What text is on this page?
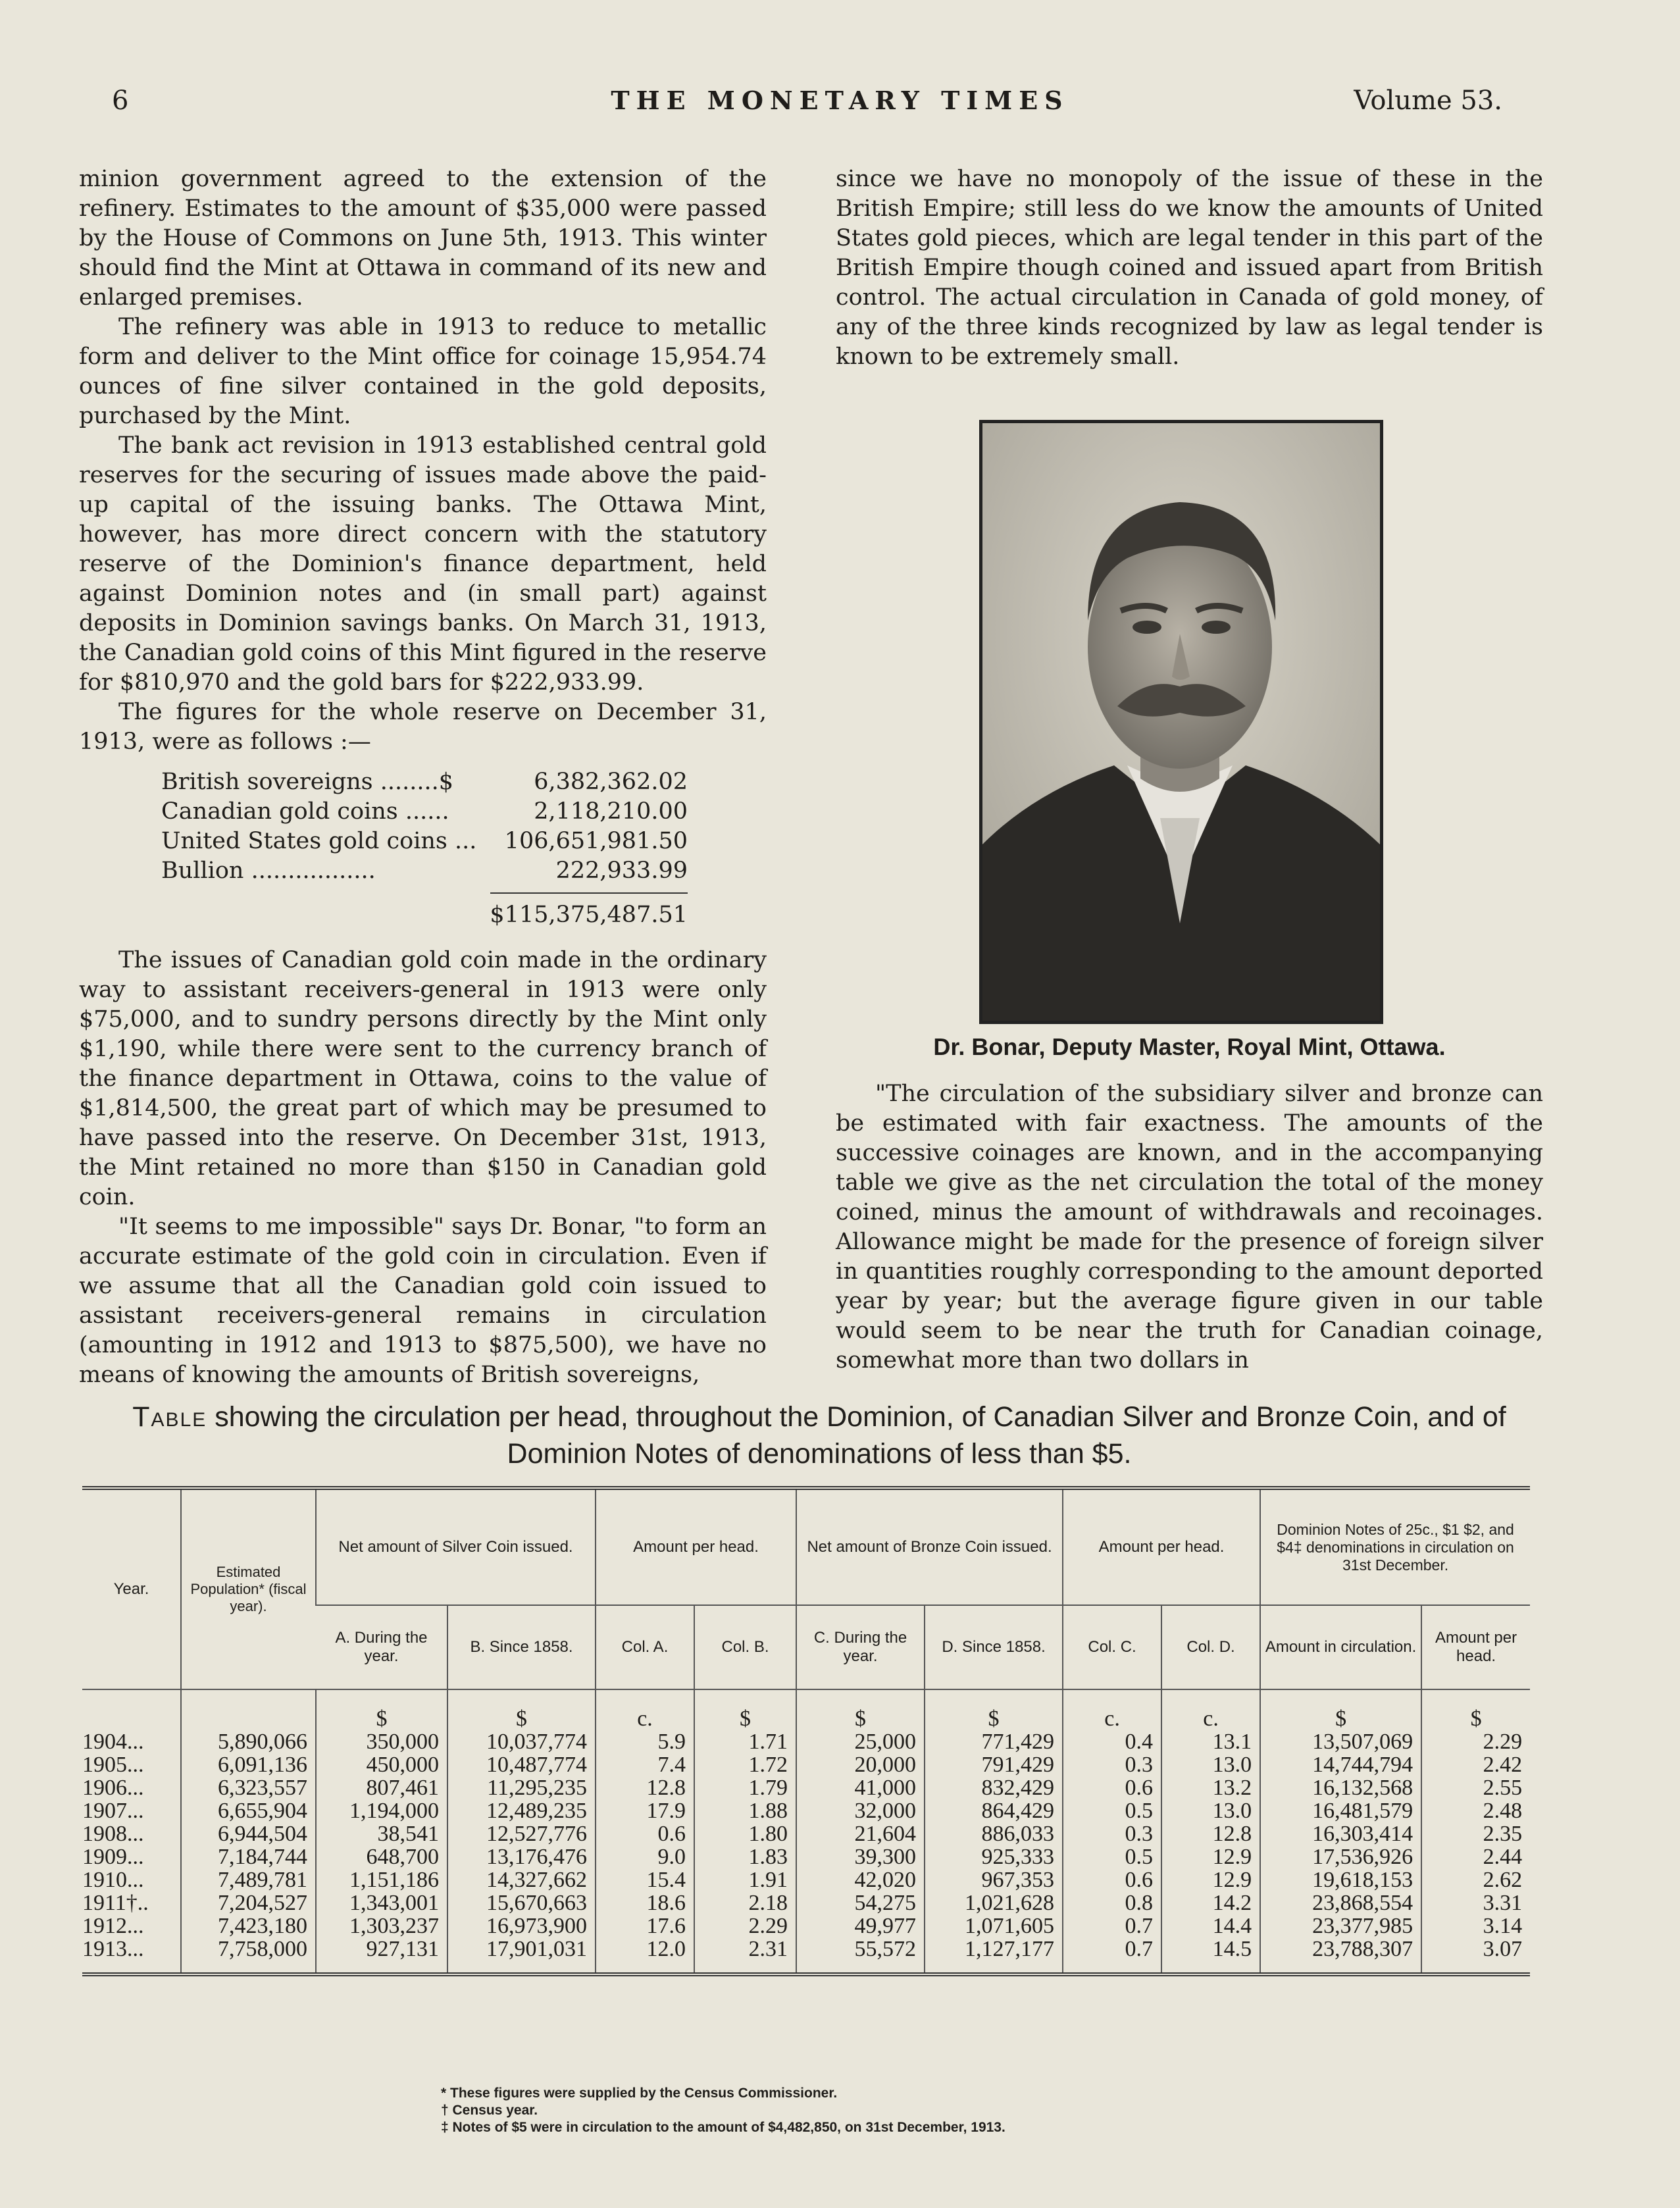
6	THE MONETARY TIMES	Volume 53.

minion government agreed to the extension of the refinery. Estimates to the amount of $35,000 were passed by the House of Commons on June 5th, 1913. This winter should find the Mint at Ottawa in command of its new and enlarged premises.

The refinery was able in 1913 to reduce to metallic form and deliver to the Mint office for coinage 15,954.74 ounces of fine silver contained in the gold deposits, purchased by the Mint.

The bank act revision in 1913 established central gold reserves for the securing of issues made above the paid-up capital of the issuing banks. The Ottawa Mint, however, has more direct concern with the statutory reserve of the Dominion's finance department, held against Dominion notes and (in small part) against deposits in Dominion savings banks. On March 31, 1913, the Canadian gold coins of this Mint figured in the reserve for $810,970 and the gold bars for $222,933.99.

The figures for the whole reserve on December 31, 1913, were as follows :—

British sovereigns ........$	6,382,362.02
Canadian gold coins ......	2,118,210.00
United States gold coins ... 106,651,981.50
Bullion .................	222,933.99
$115,375,487.51

The issues of Canadian gold coin made in the ordinary way to assistant receivers-general in 1913 were only $75,000, and to sundry persons directly by the Mint only $1,190, while there were sent to the currency branch of the finance department in Ottawa, coins to the value of $1,814,500, the great part of which may be presumed to have passed into the reserve. On December 31st, 1913, the Mint retained no more than $150 in Canadian gold coin.

"It seems to me impossible" says Dr. Bonar, "to form an accurate estimate of the gold coin in circulation. Even if we assume that all the Canadian gold coin issued to assistant receivers-general remains in circulation (amounting in 1912 and 1913 to $875,500), we have no means of knowing the amounts of British sovereigns,

since we have no monopoly of the issue of these in the British Empire; still less do we know the amounts of United States gold pieces, which are legal tender in this part of the British Empire though coined and issued apart from British control. The actual circulation in Canada of gold money, of any of the three kinds recognized by law as legal tender is known to be extremely small.

Dr. Bonar, Deputy Master, Royal Mint, Ottawa.

"The circulation of the subsidiary silver and bronze can be estimated with fair exactness. The amounts of the successive coinages are known, and in the accompanying table we give as the net circulation the total of the money coined, minus the amount of withdrawals and recoinages. Allowance might be made for the presence of foreign silver in quantities roughly corresponding to the amount deported year by year; but the average figure given in our table would seem to be near the truth for Canadian coinage, somewhat more than two dollars in

Table showing the circulation per head, throughout the Dominion, of Canadian Silver and Bronze Coin, and of Dominion Notes of denominations of less than $5.
Year.	Estimated Population* (fiscal year).	Net amount of Silver Coin issued.		Amount per head.		Net amount of Bronze Coin issued.		Amount per head.		Dominion Notes of 25c., $1 $2, and $4‡ denominations in circulation on 31st December.	
		A. During the year.	B. Since 1858.	Col. A.	Col. B.	C. During the year.	D. Since 1858.	Col. C.	Col. D.	Amount in circulation.	Amount per head.
		$	$	c.	$	$	$	c.	c.	$	$
1904...	5,890,066	350,000	10,037,774	5.9	1.71	25,000	771,429	0.4	13.1	13,507,069	2.29
1905...	6,091,136	450,000	10,487,774	7.4	1.72	20,000	791,429	0.3	13.0	14,744,794	2.42
1906...	6,323,557	807,461	11,295,235	12.8	1.79	41,000	832,429	0.6	13.2	16,132,568	2.55
1907...	6,655,904	1,194,000	12,489,235	17.9	1.88	32,000	864,429	0.5	13.0	16,481,579	2.48
1908...	6,944,504	38,541	12,527,776	0.6	1.80	21,604	886,033	0.3	12.8	16,303,414	2.35
1909...	7,184,744	648,700	13,176,476	9.0	1.83	39,300	925,333	0.5	12.9	17,536,926	2.44
1910...	7,489,781	1,151,186	14,327,662	15.4	1.91	42,020	967,353	0.6	12.9	19,618,153	2.62
1911†..	7,204,527	1,343,001	15,670,663	18.6	2.18	54,275	1,021,628	0.8	14.2	23,868,554	3.31
1912...	7,423,180	1,303,237	16,973,900	17.6	2.29	49,977	1,071,605	0.7	14.4	23,377,985	3.14
1913...	7,758,000	927,131	17,901,031	12.0	2.31	55,572	1,127,177	0.7	14.5	23,788,307	3.07
* These figures were supplied by the Census Commissioner.
† Census year.
‡ Notes of $5 were in circulation to the amount of $4,482,850, on 31st December, 1913.
